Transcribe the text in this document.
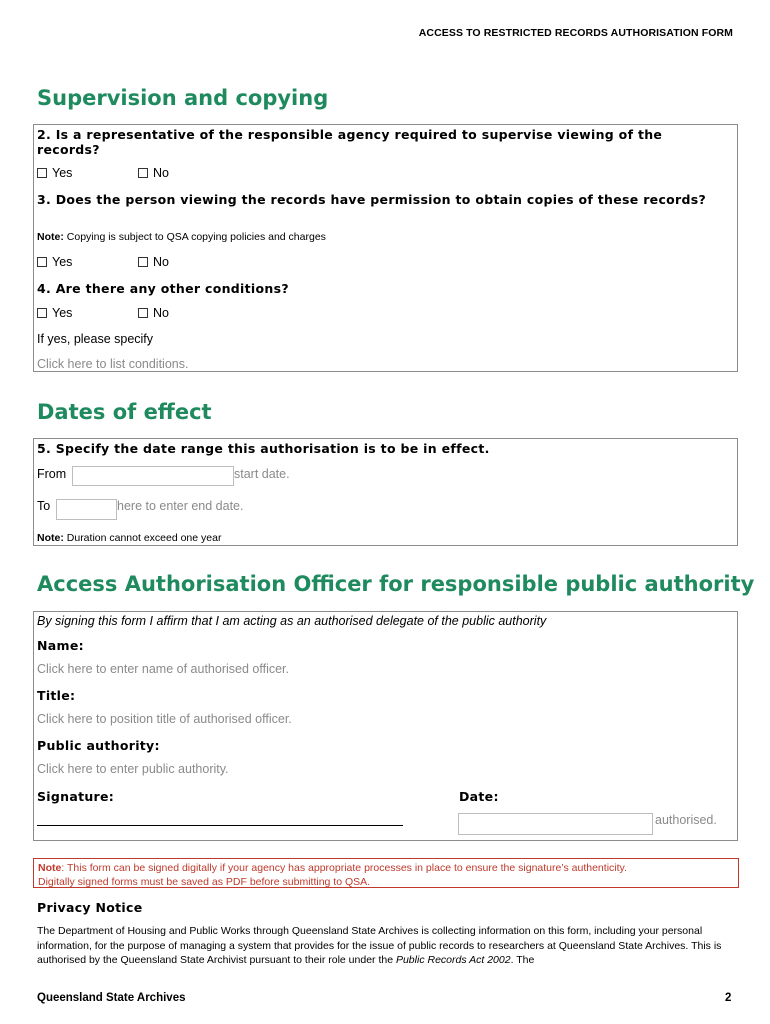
ACCESS TO RESTRICTED RECORDS AUTHORISATION FORM
Supervision and copying
2. Is a representative of the responsible agency required to supervise viewing of the records?
Yes	No
3. Does the person viewing the records have permission to obtain copies of these records?
Note: Copying is subject to QSA copying policies and charges
Yes	No
4. Are there any other conditions?
Yes	No
If yes, please specify
Click here to list conditions.
Dates of effect
5. Specify the date range this authorisation is to be in effect.
From	start date.
To	here to enter end date.
Note: Duration cannot exceed one year
Access Authorisation Officer for responsible public authority
By signing this form I affirm that I am acting as an authorised delegate of the public authority
Name:
Click here to enter name of authorised officer.
Title:
Click here to position title of authorised officer.
Public authority:
Click here to enter public authority.
Signature:	Date:
authorised.
Note: This form can be signed digitally if your agency has appropriate processes in place to ensure the signature’s authenticity.
Digitally signed forms must be saved as PDF before submitting to QSA.
Privacy Notice
The Department of Housing and Public Works through Queensland State Archives is collecting information on this form, including your personal information, for the purpose of managing a system that provides for the issue of public records to researchers at Queensland State Archives. This is authorised by the Queensland State Archivist pursuant to their role under the Public Records Act 2002. The
Queensland State Archives	2
